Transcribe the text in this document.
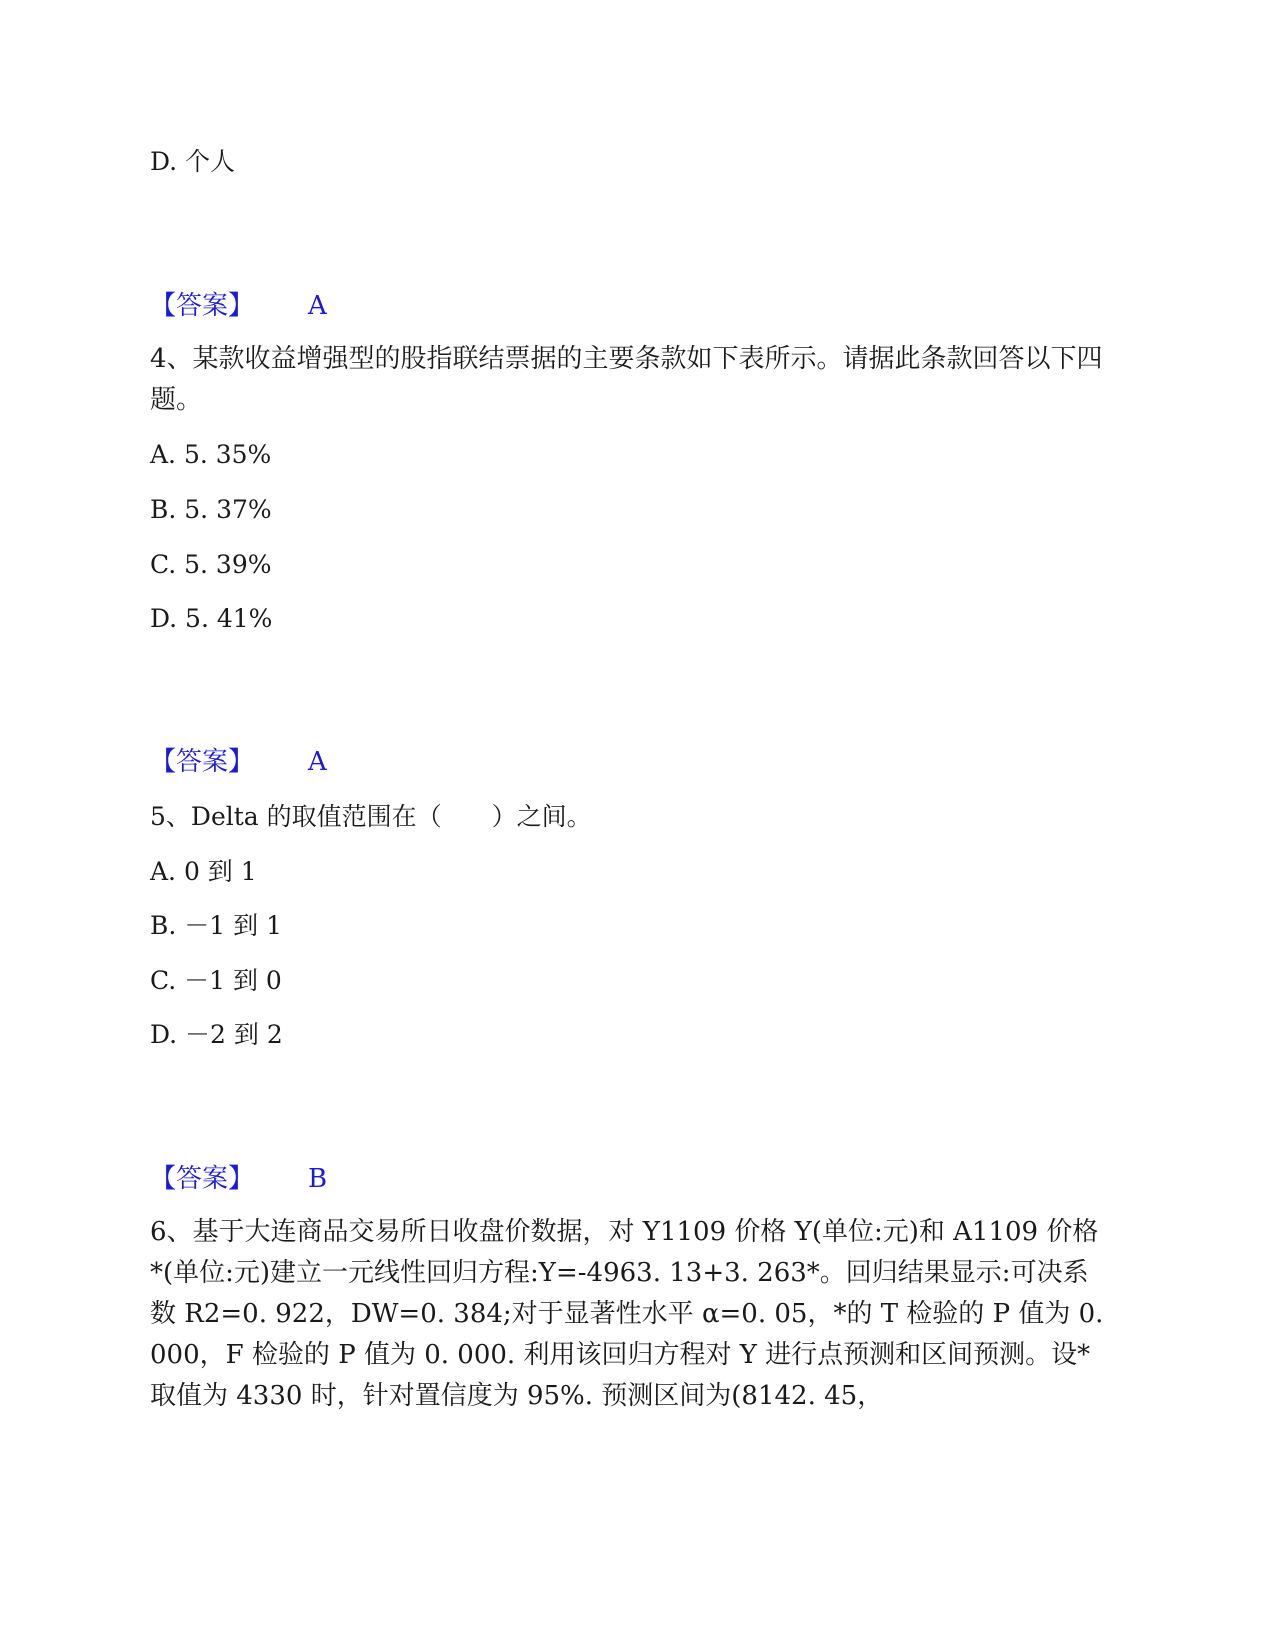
D. 个人
【答案】 A
4、某款收益增强型的股指联结票据的主要条款如下表所示。请据此条款回答以下四题。
A. 5. 35%
B. 5. 37%
C. 5. 39%
D. 5. 41%
【答案】 A
5、Delta 的取值范围在（　　）之间。
A. 0 到 1
B. －1 到 1
C. －1 到 0
D. －2 到 2
【答案】 B
6、基于大连商品交易所日收盘价数据，对 Y1109 价格 Y(单位:元)和 A1109 价格*(单位:元)建立一元线性回归方程:Y=-4963. 13+3. 263*。回归结果显示:可决系数 R2=0. 922，DW=0. 384;对于显著性水平 α=0. 05，*的 T 检验的 P 值为 0. 000，F 检验的 P 值为 0. 000. 利用该回归方程对 Y 进行点预测和区间预测。设*取值为 4330 时，针对置信度为 95%. 预测区间为(8142. 45，
